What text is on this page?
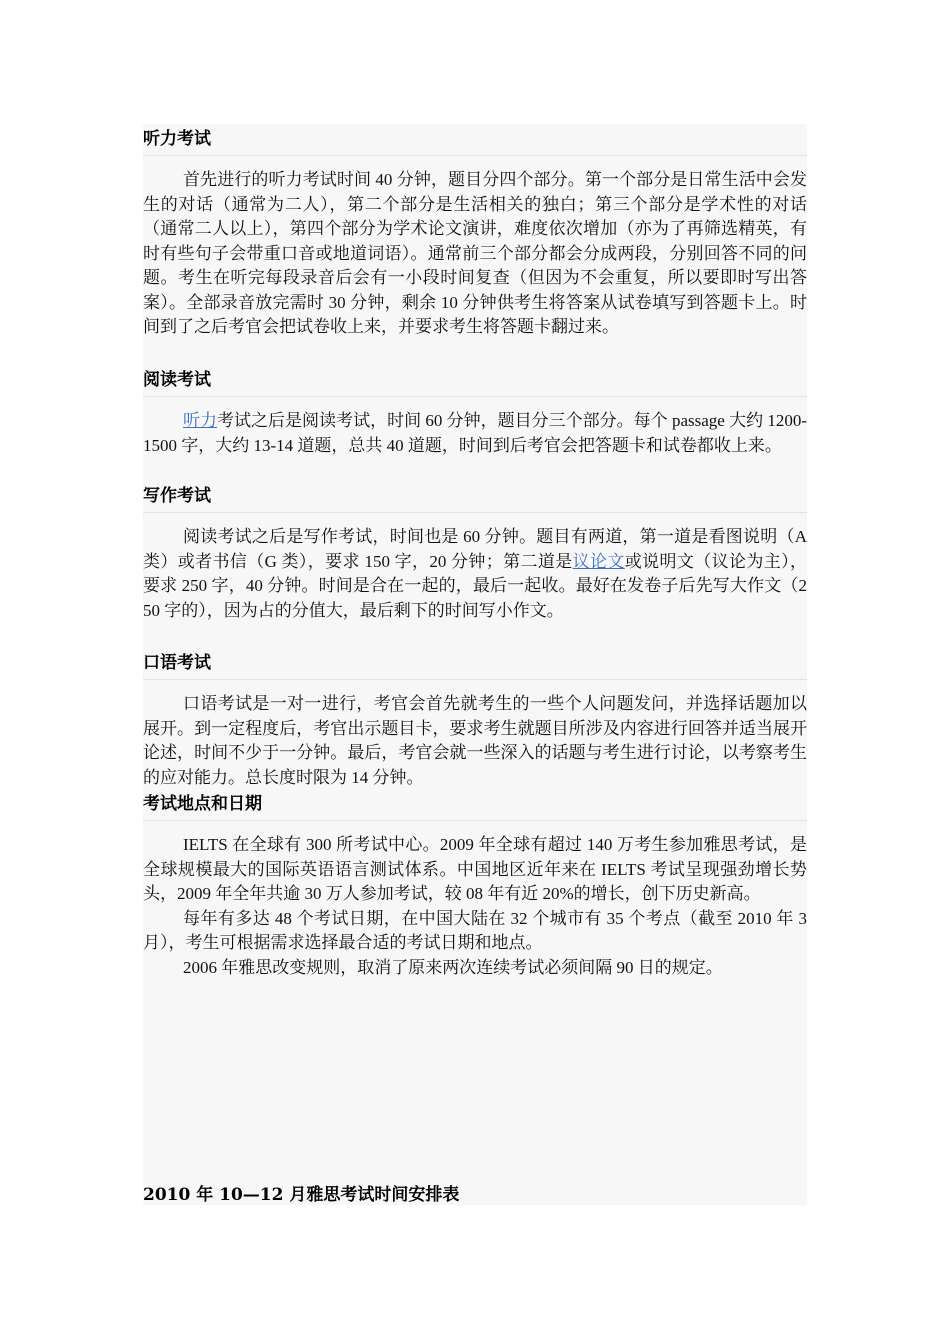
听力考试

首先进行的听力考试时间 40 分钟，题目分四个部分。第一个部分是日常生活中会发生的对话（通常为二人），第二个部分是生活相关的独白；第三个部分是学术性的对话（通常二人以上），第四个部分为学术论文演讲，难度依次增加（亦为了再筛选精英，有时有些句子会带重口音或地道词语）。通常前三个部分都会分成两段，分别回答不同的问题。考生在听完每段录音后会有一小段时间复查（但因为不会重复，所以要即时写出答案）。全部录音放完需时 30 分钟，剩余 10 分钟供考生将答案从试卷填写到答题卡上。时间到了之后考官会把试卷收上来，并要求考生将答题卡翻过来。

阅读考试

听力考试之后是阅读考试，时间 60 分钟，题目分三个部分。每个 passage 大约 1200-1500 字，大约 13-14 道题，总共 40 道题，时间到后考官会把答题卡和试卷都收上来。

写作考试

阅读考试之后是写作考试，时间也是 60 分钟。题目有两道，第一道是看图说明（A 类）或者书信（G 类），要求 150 字，20 分钟；第二道是议论文或说明文（议论为主），要求 250 字，40 分钟。时间是合在一起的，最后一起收。最好在发卷子后先写大作文（250 字的），因为占的分值大，最后剩下的时间写小作文。

口语考试

口语考试是一对一进行，考官会首先就考生的一些个人问题发问，并选择话题加以展开。到一定程度后，考官出示题目卡，要求考生就题目所涉及内容进行回答并适当展开论述，时间不少于一分钟。最后，考官会就一些深入的话题与考生进行讨论，以考察考生的应对能力。总长度时限为 14 分钟。

考试地点和日期

IELTS 在全球有 300 所考试中心。2009 年全球有超过 140 万考生参加雅思考试，是全球规模最大的国际英语语言测试体系。中国地区近年来在 IELTS 考试呈现强劲增长势头，2009 年全年共逾 30 万人参加考试，较 08 年有近 20%的增长，创下历史新高。

每年有多达 48 个考试日期，在中国大陆在 32 个城市有 35 个考点（截至 2010 年 3 月），考生可根据需求选择最合适的考试日期和地点。

2006 年雅思改变规则，取消了原来两次连续考试必须间隔 90 日的规定。

2010 年 10—12 月雅思考试时间安排表
